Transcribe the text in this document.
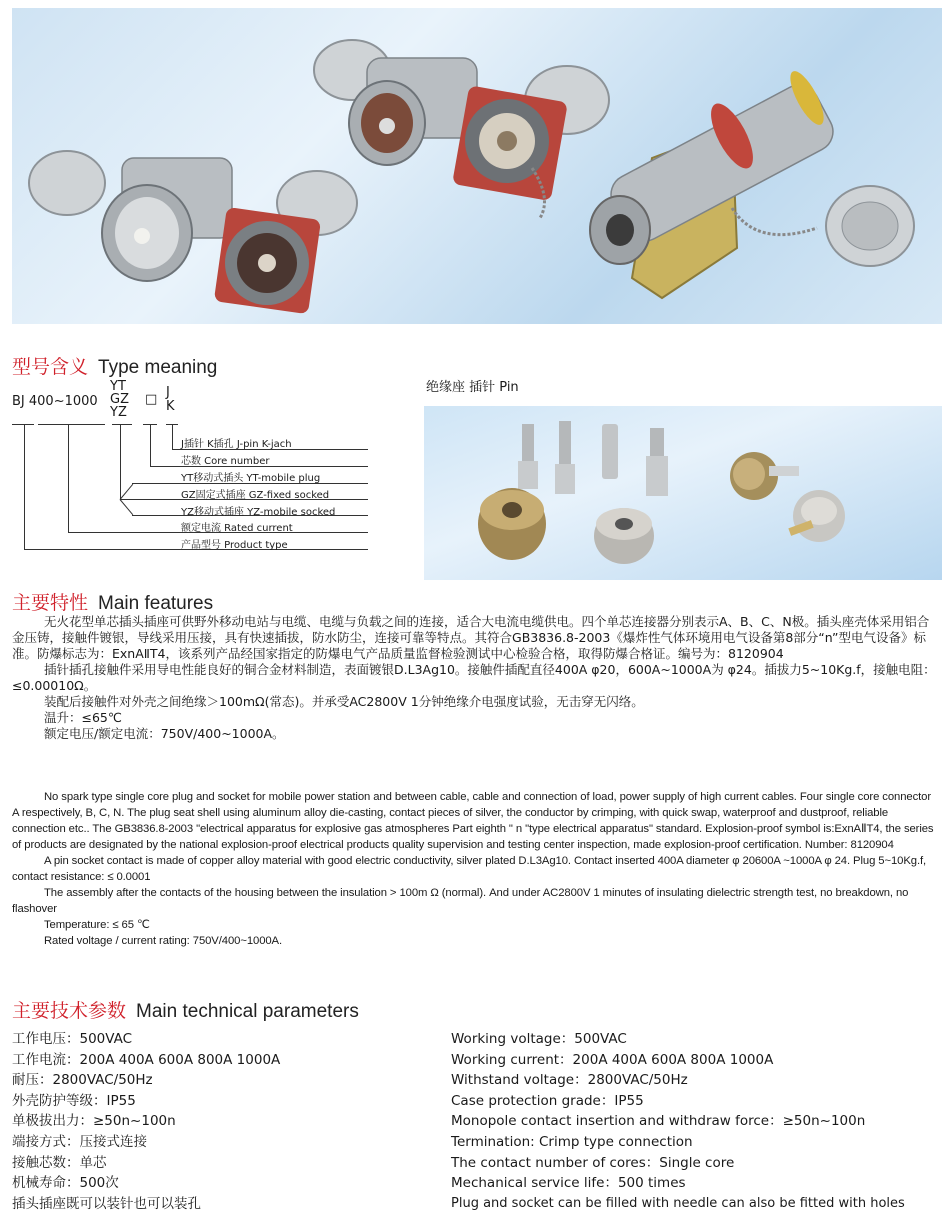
型号含义 Type meaning
BJ 400~1000
YT
GZ
YZ
□ J
K
J插针 K插孔 J-pin K-jach
芯数 Core number
YT移动式插头 YT-mobile plug
GZ固定式插座 GZ-fixed socked
YZ移动式插座 YZ-mobile socked
额定电流 Rated current
产品型号 Product type
绝缘座 插针 Pin
主要特性 Main features
无火花型单芯插头插座可供野外移动电站与电缆、电缆与负载之间的连接，适合大电流电缆供电。四个单芯连接器分别表示A、B、C、N极。插头座壳体采用铝合金压铸，接触件镀银，导线采用压接，具有快速插拔，防水防尘，连接可靠等特点。其符合GB3836.8-2003《爆炸性气体环境用电气设备第8部分“n”型电气设备》标准。防爆标志为：ExnAⅡT4，该系列产品经国家指定的防爆电气产品质量监督检验测试中心检验合格，取得防爆合格证。编号为：8120904
插针插孔接触件采用导电性能良好的铜合金材料制造，表面镀银D.L3Ag10。接触件插配直径400A φ20，600A~1000A为 φ24。插拔力5~10Kg.f，接触电阻：≤0.00010Ω。
装配后接触件对外壳之间绝缘＞100mΩ(常态)。并承受AC2800V 1分钟绝缘介电强度试验，无击穿无闪络。
温升：≤65℃
额定电压/额定电流：750V/400~1000A。
No spark type single core plug and socket for mobile power station and between cable, cable and connection of load, power supply of high current cables. Four single core connector A respectively, B, C, N. The plug seat shell using aluminum alloy die-casting, contact pieces of silver, the conductor by crimping, with quick swap, waterproof and dustproof, reliable connection etc.. The GB3836.8-2003 "electrical apparatus for explosive gas atmospheres Part eighth " n "type electrical apparatus" standard. Explosion-proof symbol is:ExnAⅡT4, the series of products are designated by the national explosion-proof electrical products quality supervision and testing center inspection, made explosion-proof certification. Number: 8120904
A pin socket contact is made of copper alloy material with good electric conductivity, silver plated D.L3Ag10. Contact inserted 400A diameter φ 20600A ~1000A φ 24. Plug 5~10Kg.f, contact resistance: ≤ 0.0001
The assembly after the contacts of the housing between the insulation > 100m Ω (normal). And under AC2800V 1 minutes of insulating dielectric strength test, no breakdown, no flashover
Temperature: ≤ 65 ℃
Rated voltage / current rating: 750V/400~1000A.
主要技术参数 Main technical parameters
工作电压：500VAC
工作电流：200A 400A 600A 800A 1000A
耐压：2800VAC/50Hz
外壳防护等级：IP55
单极拔出力：≥50n~100n
端接方式：压接式连接
接触芯数：单芯
机械寿命：500次
插头插座既可以装针也可以装孔
Working voltage：500VAC
Working current：200A 400A 600A 800A 1000A
Withstand voltage：2800VAC/50Hz
Case protection grade：IP55
Monopole contact insertion and withdraw force：≥50n~100n
Termination: Crimp type connection
The contact number of cores：Single core
Mechanical service life：500 times
Plug and socket can be filled with needle can also be fitted with holes
